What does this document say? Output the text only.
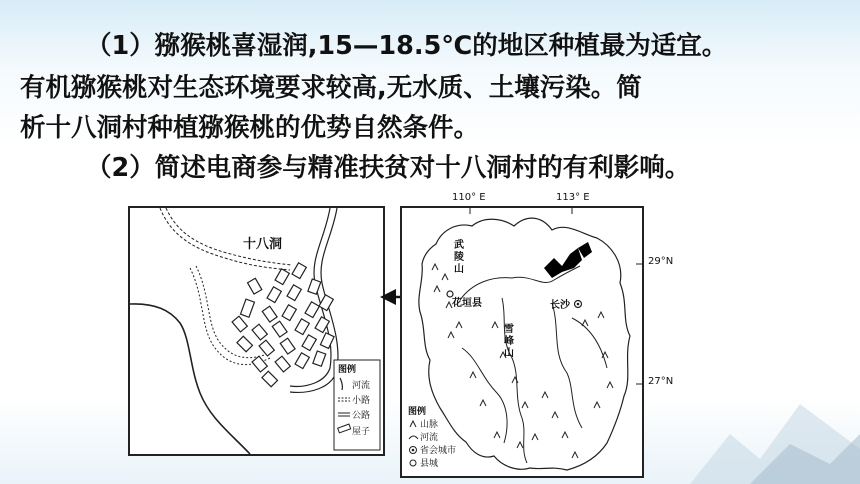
（1）猕猴桃喜湿润,15—18.5℃的地区种植最为适宜。

有机猕猴桃对生态环境要求较高,无水质、土壤污染。简

析十八洞村种植猕猴桃的优势自然条件。

（2）简述电商参与精准扶贫对十八洞村的有利影响。

十八洞
图例
河流
小路
公路
屋子
武
陵
山
雪
峰
山
花垣县	长沙
图例
山脉
河流
省会城市
县城
110° E	113° E
29°N
27°N
